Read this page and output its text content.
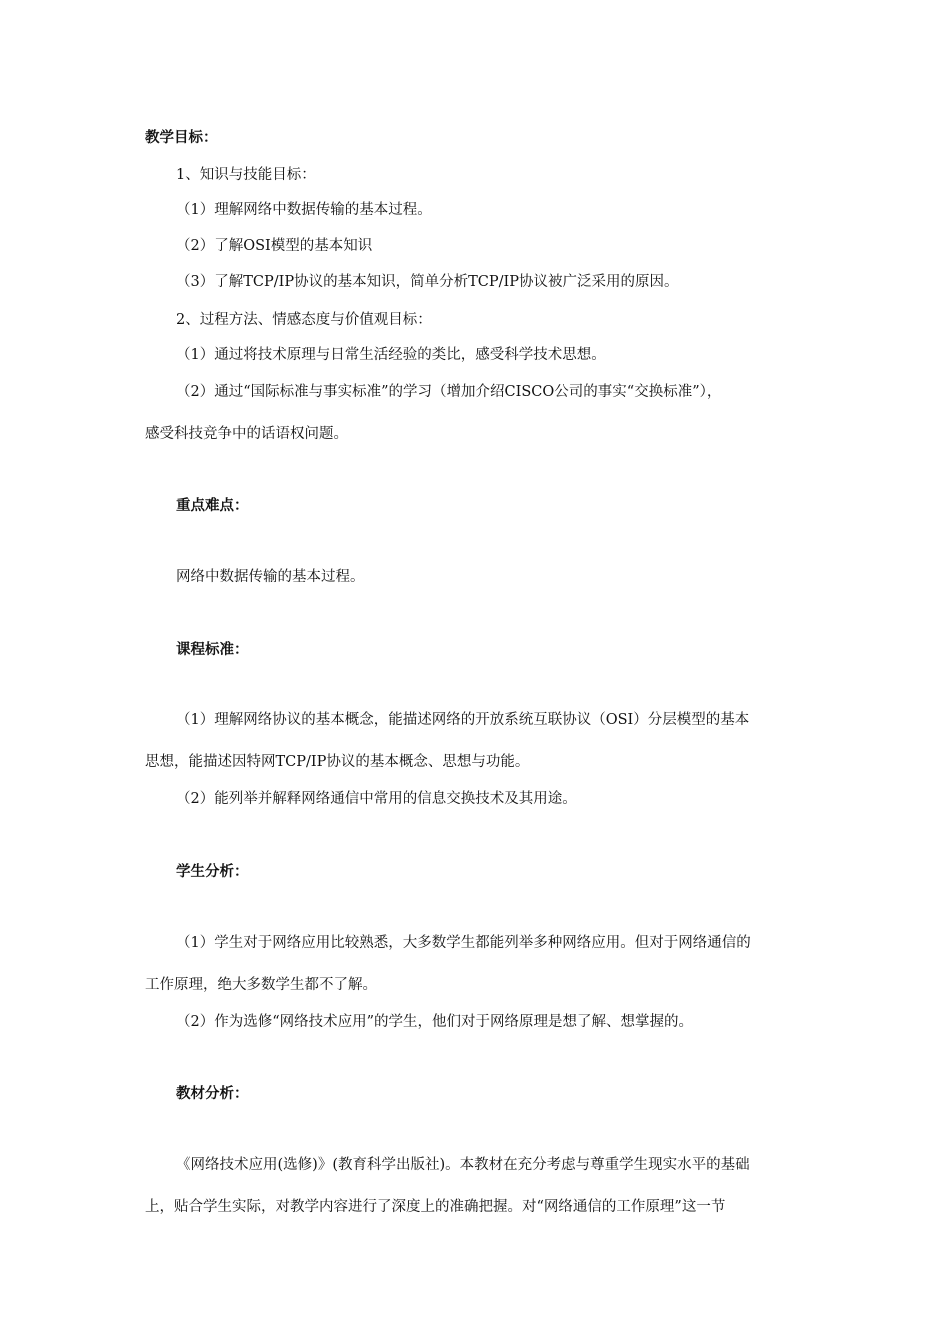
教学目标：
1、知识与技能目标：
（1）理解网络中数据传输的基本过程。
（2）了解OSI模型的基本知识
（3）了解TCP/IP协议的基本知识，简单分析TCP/IP协议被广泛采用的原因。
2、过程方法、情感态度与价值观目标：
（1）通过将技术原理与日常生活经验的类比，感受科学技术思想。
（2）通过“国际标准与事实标准”的学习（增加介绍CISCO公司的事实“交换标准”），
感受科技竞争中的话语权问题。
重点难点：
网络中数据传输的基本过程。
课程标准：
（1）理解网络协议的基本概念，能描述网络的开放系统互联协议（OSI）分层模型的基本
思想，能描述因特网TCP/IP协议的基本概念、思想与功能。
（2）能列举并解释网络通信中常用的信息交换技术及其用途。
学生分析：
（1）学生对于网络应用比较熟悉，大多数学生都能列举多种网络应用。但对于网络通信的
工作原理，绝大多数学生都不了解。
（2）作为选修“网络技术应用”的学生，他们对于网络原理是想了解、想掌握的。
教材分析：
《网络技术应用(选修)》(教育科学出版社)。本教材在充分考虑与尊重学生现实水平的基础
上，贴合学生实际，对教学内容进行了深度上的准确把握。对“网络通信的工作原理”这一节
